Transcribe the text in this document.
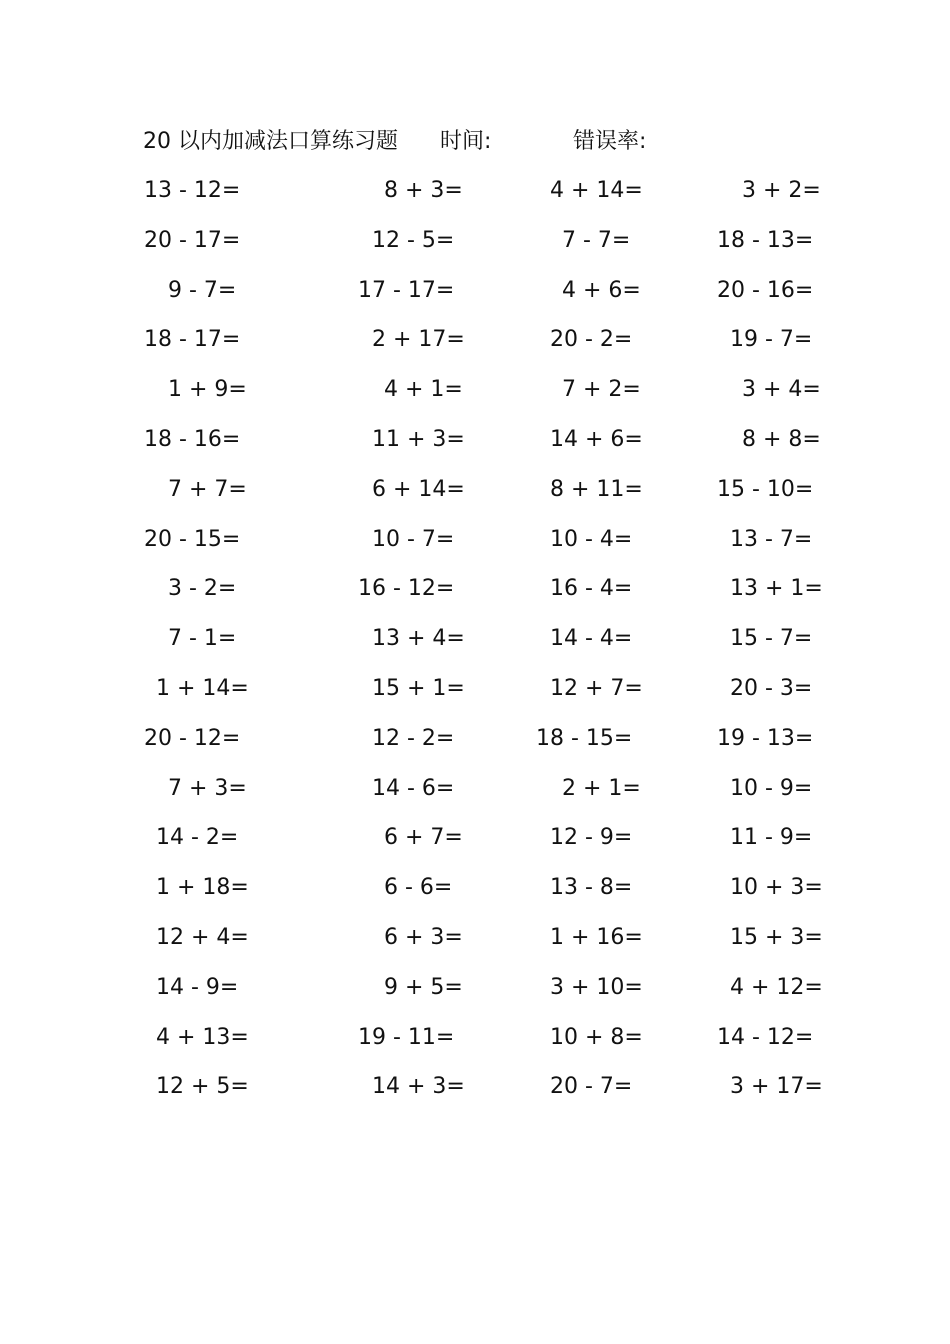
20 以内加减法口算练习题 时间:	错误率:
13 - 12=	8 + 3=	4 + 14=	3 + 2=
20 - 17=	12 - 5=	7 - 7=	18 - 13=
9 - 7=	17 - 17=	4 + 6=	20 - 16=
18 - 17=	2 + 17=	20 - 2=	19 - 7=
1 + 9=	4 + 1=	7 + 2=	3 + 4=
18 - 16=	11 + 3=	14 + 6=	8 + 8=
7 + 7=	6 + 14=	8 + 11=	15 - 10=
20 - 15=	10 - 7=	10 - 4=	13 - 7=
3 - 2=	16 - 12=	16 - 4=	13 + 1=
7 - 1=	13 + 4=	14 - 4=	15 - 7=
1 + 14=	15 + 1=	12 + 7=	20 - 3=
20 - 12=	12 - 2=	18 - 15=	19 - 13=
7 + 3=	14 - 6=	2 + 1=	10 - 9=
14 - 2=	6 + 7=	12 - 9=	11 - 9=
1 + 18=	6 - 6=	13 - 8=	10 + 3=
12 + 4=	6 + 3=	1 + 16=	15 + 3=
14 - 9=	9 + 5=	3 + 10=	4 + 12=
4 + 13=	19 - 11=	10 + 8=	14 - 12=
12 + 5=	14 + 3=	20 - 7=	3 + 17=
